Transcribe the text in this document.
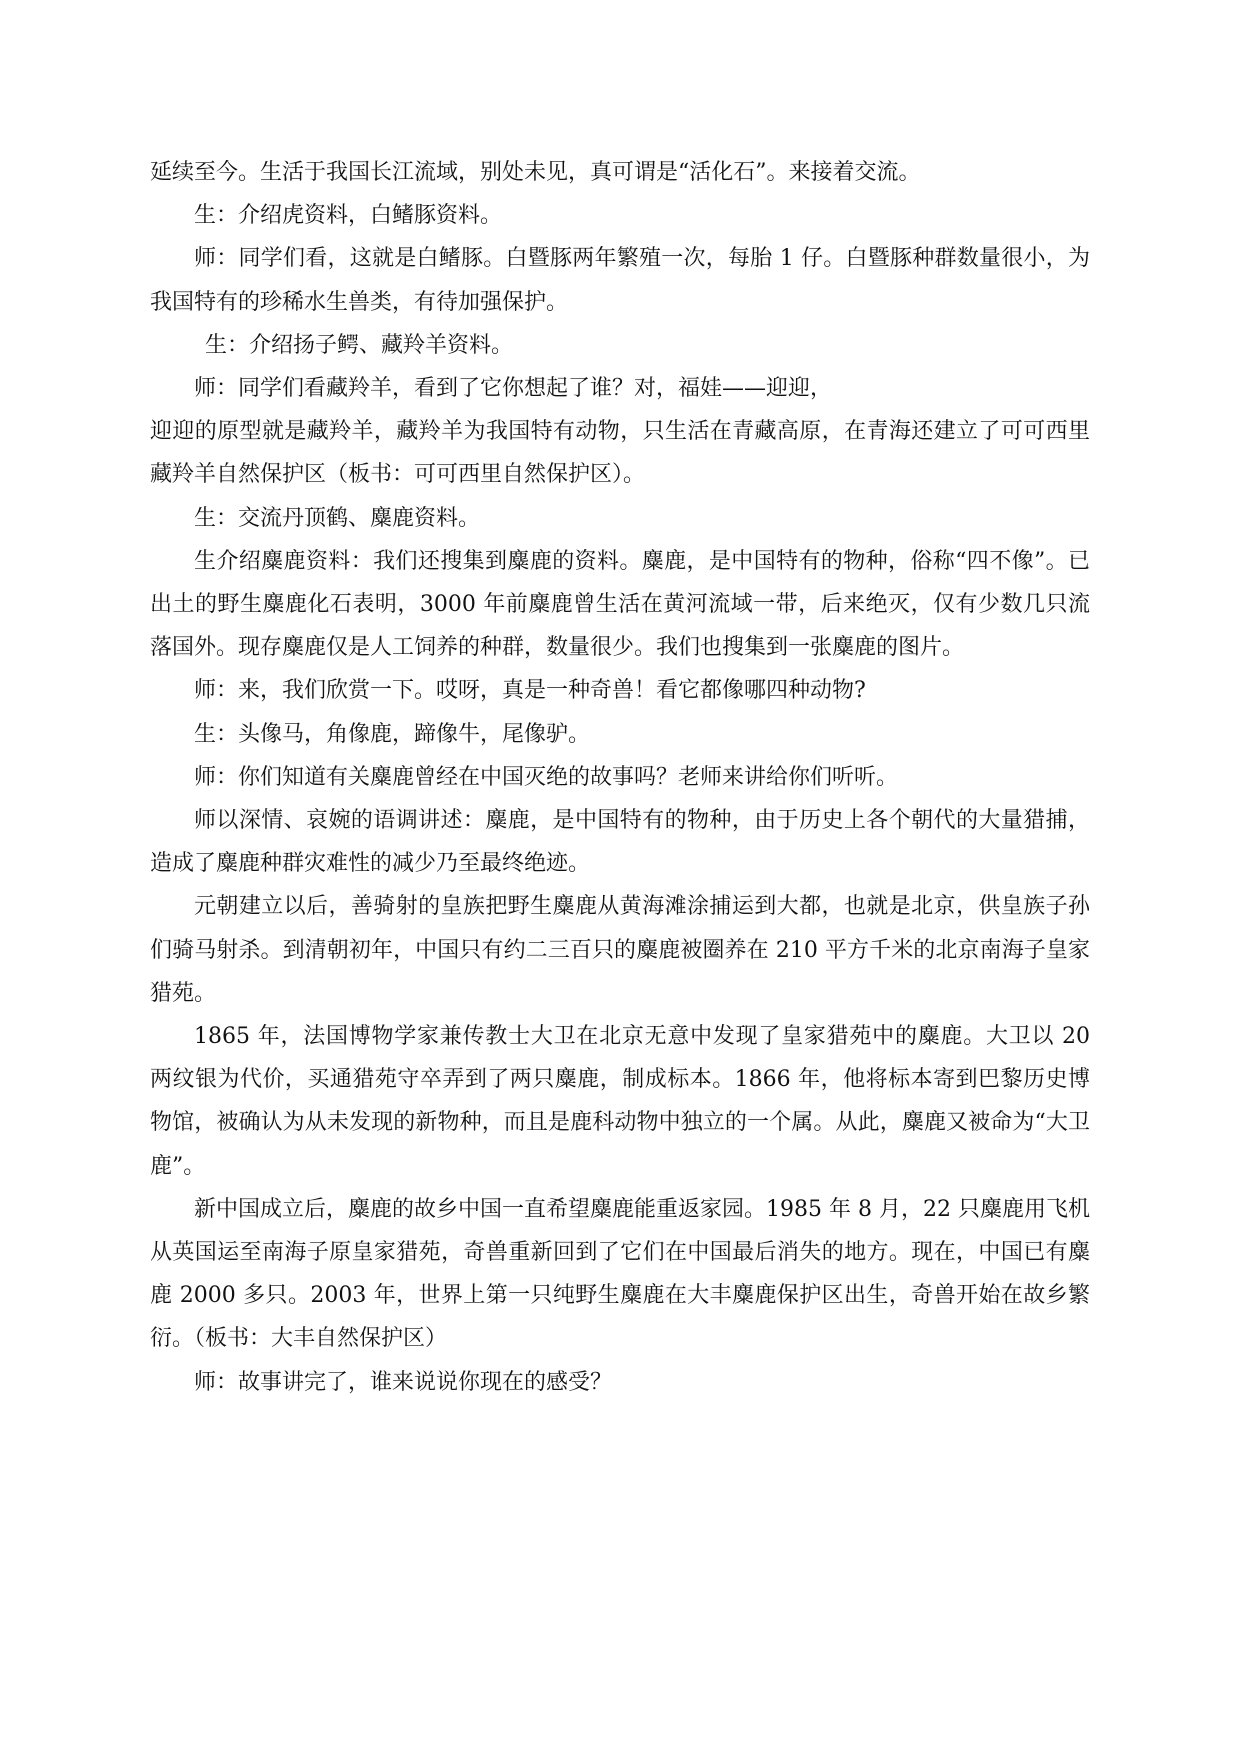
延续至今。生活于我国长江流域，别处未见，真可谓是“活化石”。来接着交流。

生：介绍虎资料，白鳍豚资料。

师：同学们看，这就是白鳍豚。白暨豚两年繁殖一次，每胎 1 仔。白暨豚种群数量很小，为我国特有的珍稀水生兽类，有待加强保护。

生：介绍扬子鳄、藏羚羊资料。

师：同学们看藏羚羊，看到了它你想起了谁？对，福娃——迎迎，

迎迎的原型就是藏羚羊，藏羚羊为我国特有动物，只生活在青藏高原，在青海还建立了可可西里藏羚羊自然保护区（板书：可可西里自然保护区）。

生：交流丹顶鹤、麋鹿资料。

生介绍麋鹿资料：我们还搜集到麋鹿的资料。麋鹿，是中国特有的物种，俗称“四不像”。已出土的野生麋鹿化石表明，3000 年前麋鹿曾生活在黄河流域一带，后来绝灭，仅有少数几只流落国外。现存麋鹿仅是人工饲养的种群，数量很少。我们也搜集到一张麋鹿的图片。

师：来，我们欣赏一下。哎呀，真是一种奇兽！看它都像哪四种动物?

生：头像马，角像鹿，蹄像牛，尾像驴。

师：你们知道有关麋鹿曾经在中国灭绝的故事吗？老师来讲给你们听听。

师以深情、哀婉的语调讲述：麋鹿，是中国特有的物种，由于历史上各个朝代的大量猎捕，造成了麋鹿种群灾难性的减少乃至最终绝迹。

元朝建立以后，善骑射的皇族把野生麋鹿从黄海滩涂捕运到大都，也就是北京，供皇族子孙们骑马射杀。到清朝初年，中国只有约二三百只的麋鹿被圈养在 210 平方千米的北京南海子皇家猎苑。

1865 年，法国博物学家兼传教士大卫在北京无意中发现了皇家猎苑中的麋鹿。大卫以 20 两纹银为代价，买通猎苑守卒弄到了两只麋鹿，制成标本。1866 年，他将标本寄到巴黎历史博物馆，被确认为从未发现的新物种，而且是鹿科动物中独立的一个属。从此，麋鹿又被命为“大卫鹿”。

新中国成立后，麋鹿的故乡中国一直希望麋鹿能重返家园。1985 年 8 月，22 只麋鹿用飞机从英国运至南海子原皇家猎苑，奇兽重新回到了它们在中国最后消失的地方。现在，中国已有麋鹿 2000 多只。2003 年，世界上第一只纯野生麋鹿在大丰麋鹿保护区出生，奇兽开始在故乡繁衍。（板书：大丰自然保护区）

师：故事讲完了，谁来说说你现在的感受？
